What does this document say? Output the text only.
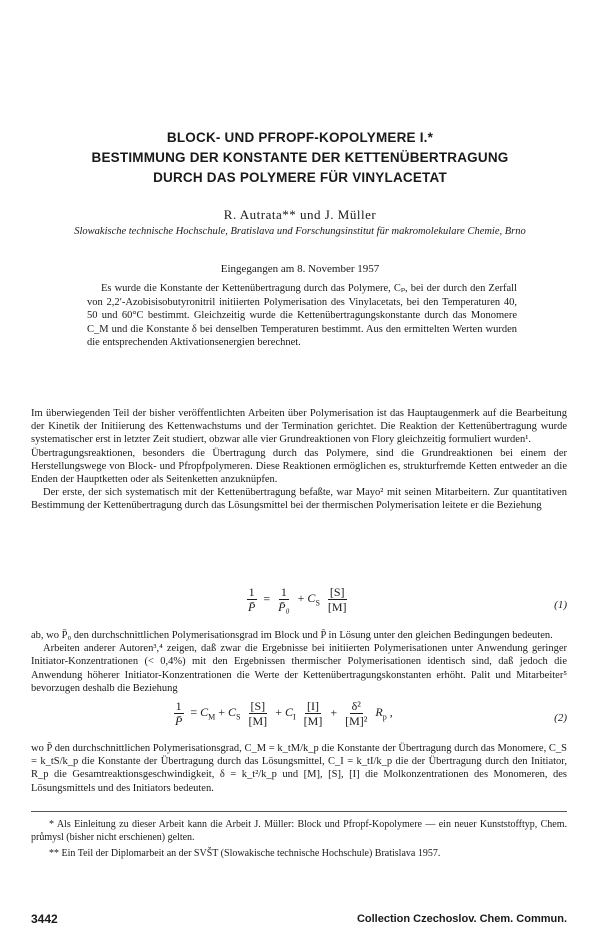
BLOCK- UND PFROPF-KOPOLYMERE I.*
BESTIMMUNG DER KONSTANTE DER KETTENÜBERTRAGUNG
DURCH DAS POLYMERE FÜR VINYLACETAT
R. Autrata** und J. Müller
Slowakische technische Hochschule, Bratislava und Forschungsinstitut für makromolekulare Chemie, Brno
Eingegangen am 8. November 1957
Es wurde die Konstante der Kettenübertragung durch das Polymere, Cₚ, bei der durch den Zerfall von 2,2′-Azobisisobutyronitril initiierten Polymerisation des Vinylacetats, bei den Temperaturen 40, 50 und 60°C bestimmt. Gleichzeitig wurde die Kettenübertragungskonstante durch das Monomere C_M und die Konstante δ bei denselben Temperaturen bestimmt. Aus den ermittelten Werten wurden die entsprechenden Aktivationsenergien berechnet.

Im überwiegenden Teil der bisher veröffentlichten Arbeiten über Polymerisation ist das Hauptaugenmerk auf die Bearbeitung der Kinetik der Initiierung des Kettenwachstums und der Termination gerichtet. Die Reaktion der Kettenübertragung wurde systematischer erst in letzter Zeit studiert, obzwar alle vier Grundreaktionen von Flory gleichzeitig formuliert wurden¹.

Übertragungsreaktionen, besonders die Übertragung durch das Polymere, sind die Grundreaktionen bei einem der Herstellungswege von Block- und Pfropfpolymeren. Diese Reaktionen ermöglichen es, strukturfremde Ketten entweder an die Enden der Hauptketten oder als Seitenketten anzuknüpfen.

Der erste, der sich systematisch mit der Kettenübertragung befaßte, war Mayo² mit seinen Mitarbeitern. Zur quantitativen Bestimmung der Kettenübertragung durch das Lösungsmittel bei der thermischen Polymerisation leitete er die Beziehung

$\frac{1}{P̄} = \frac{1}{\text{P̄₀}} + C_S \frac{[S]}{[M]}$	(1)

ab, wo P̄₀ den durchschnittlichen Polymerisationsgrad im Block und P̄ in Lösung unter den gleichen Bedingungen bedeuten.

Arbeiten anderer Autoren³,⁴ zeigen, daß zwar die Ergebnisse bei initiierten Polymerisationen unter Anwendung geringer Initiator-Konzentrationen (< 0,4%) mit den Ergebnissen thermischer Polymerisationen identisch sind, daß jedoch die Anwendung höherer Initiator-Konzentrationen die Werte der Kettenübertragungskonstanten erhöht. Palit und Mitarbeiter⁵ bevorzugen deshalb die Beziehung

$\frac{1}{P̄} = C_M + C_S \frac{[S]}{[M]} + C_I \frac{[I]}{[M]} + \frac{\text{δ²}}{\text{[M]²}} R_p$ ,	(2)

wo P̄ den durchschnittlichen Polymerisationsgrad, C_M = k_tM/k_p die Konstante der Übertragung durch das Monomere, C_S = k_tS/k_p die Konstante der Übertragung durch das Lösungsmittel, C_I = k_tI/k_p die der Übertragung durch den Initiator, R_p die Gesamtreaktionsgeschwindigkeit, δ = k_t²/k_p und [M], [S], [I] die Molkonzentrationen des Monomeren, des Lösungsmittels und des Initiators bedeuten.

* Als Einleitung zu dieser Arbeit kann die Arbeit J. Müller: Block und Pfropf-Kopolymere — ein neuer Kunststofftyp, Chem. průmysl (bisher nicht erschienen) gelten.
** Ein Teil der Diplomarbeit an der SVŠT (Slowakische technische Hochschule) Bratislava 1957.
3442	Collection Czechoslov. Chem. Commun.
